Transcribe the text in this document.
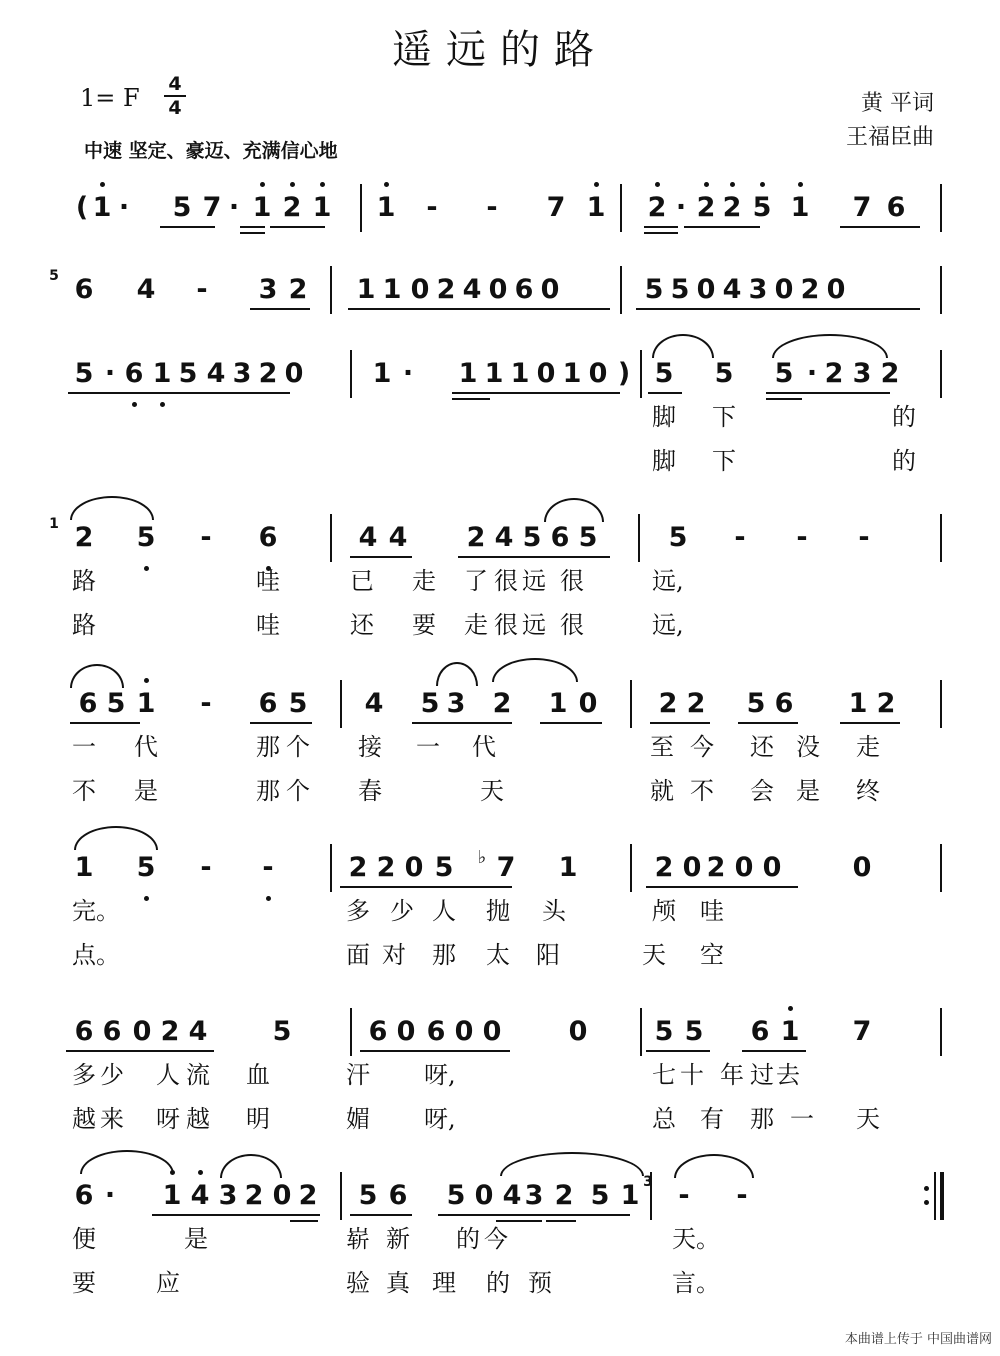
遥远的路
1= F	4
4
中速 坚定、豪迈、充满信心地
黄 平词
王福臣曲
( 1 · 5 7 · 1 2 1 1 - - 7 1 2 · 2 2 5 1 7 6
6 4 - 3 2 1 1 0 2 4 0 6 0	5 5 0 4 3 0 2 0
5
5 · 6 1 5 4 3 2 0	1 · 1 1 1 0 1 0 ) 5 5 5 · 2 3 2
脚 下	的
脚 下	的
2 5 - 6	4 4 2 4 5 6 5	5 - - -
1
路	哇	已 走 了 很 远 很	远,
路	哇	还 要 走 很 远 很	远,
6 5 1 - 6 5 4 5 3 2 1 0 2 2 5 6 1 2
一 代	那 个 接 一 代	至 今 还 没 走
不 是	那 个 春	天	就 不 会 是 终
1 5 - -	2 2 0 5	♭ 7 1	2 0 2 0 0	0
完。	多 少 人 抛 头	颅 哇
点。	面 对 那 太 阳	天 空
6 6 0 2 4 5	6 0 6 0 0 0 5 5 6 1 7
多 少 人 流 血	汗 呀,	七 十 年 过 去
越 来 呀 越 明	媚 呀,	总 有 那 一 天
6 · 1 4 3 2 0 2 5 6 5 0 4 3 2 5 1 - -
3
便	是	崭 新 的 今	天。
要	应	验 真 理 的 预	言。
本曲谱上传于 中国曲谱网
